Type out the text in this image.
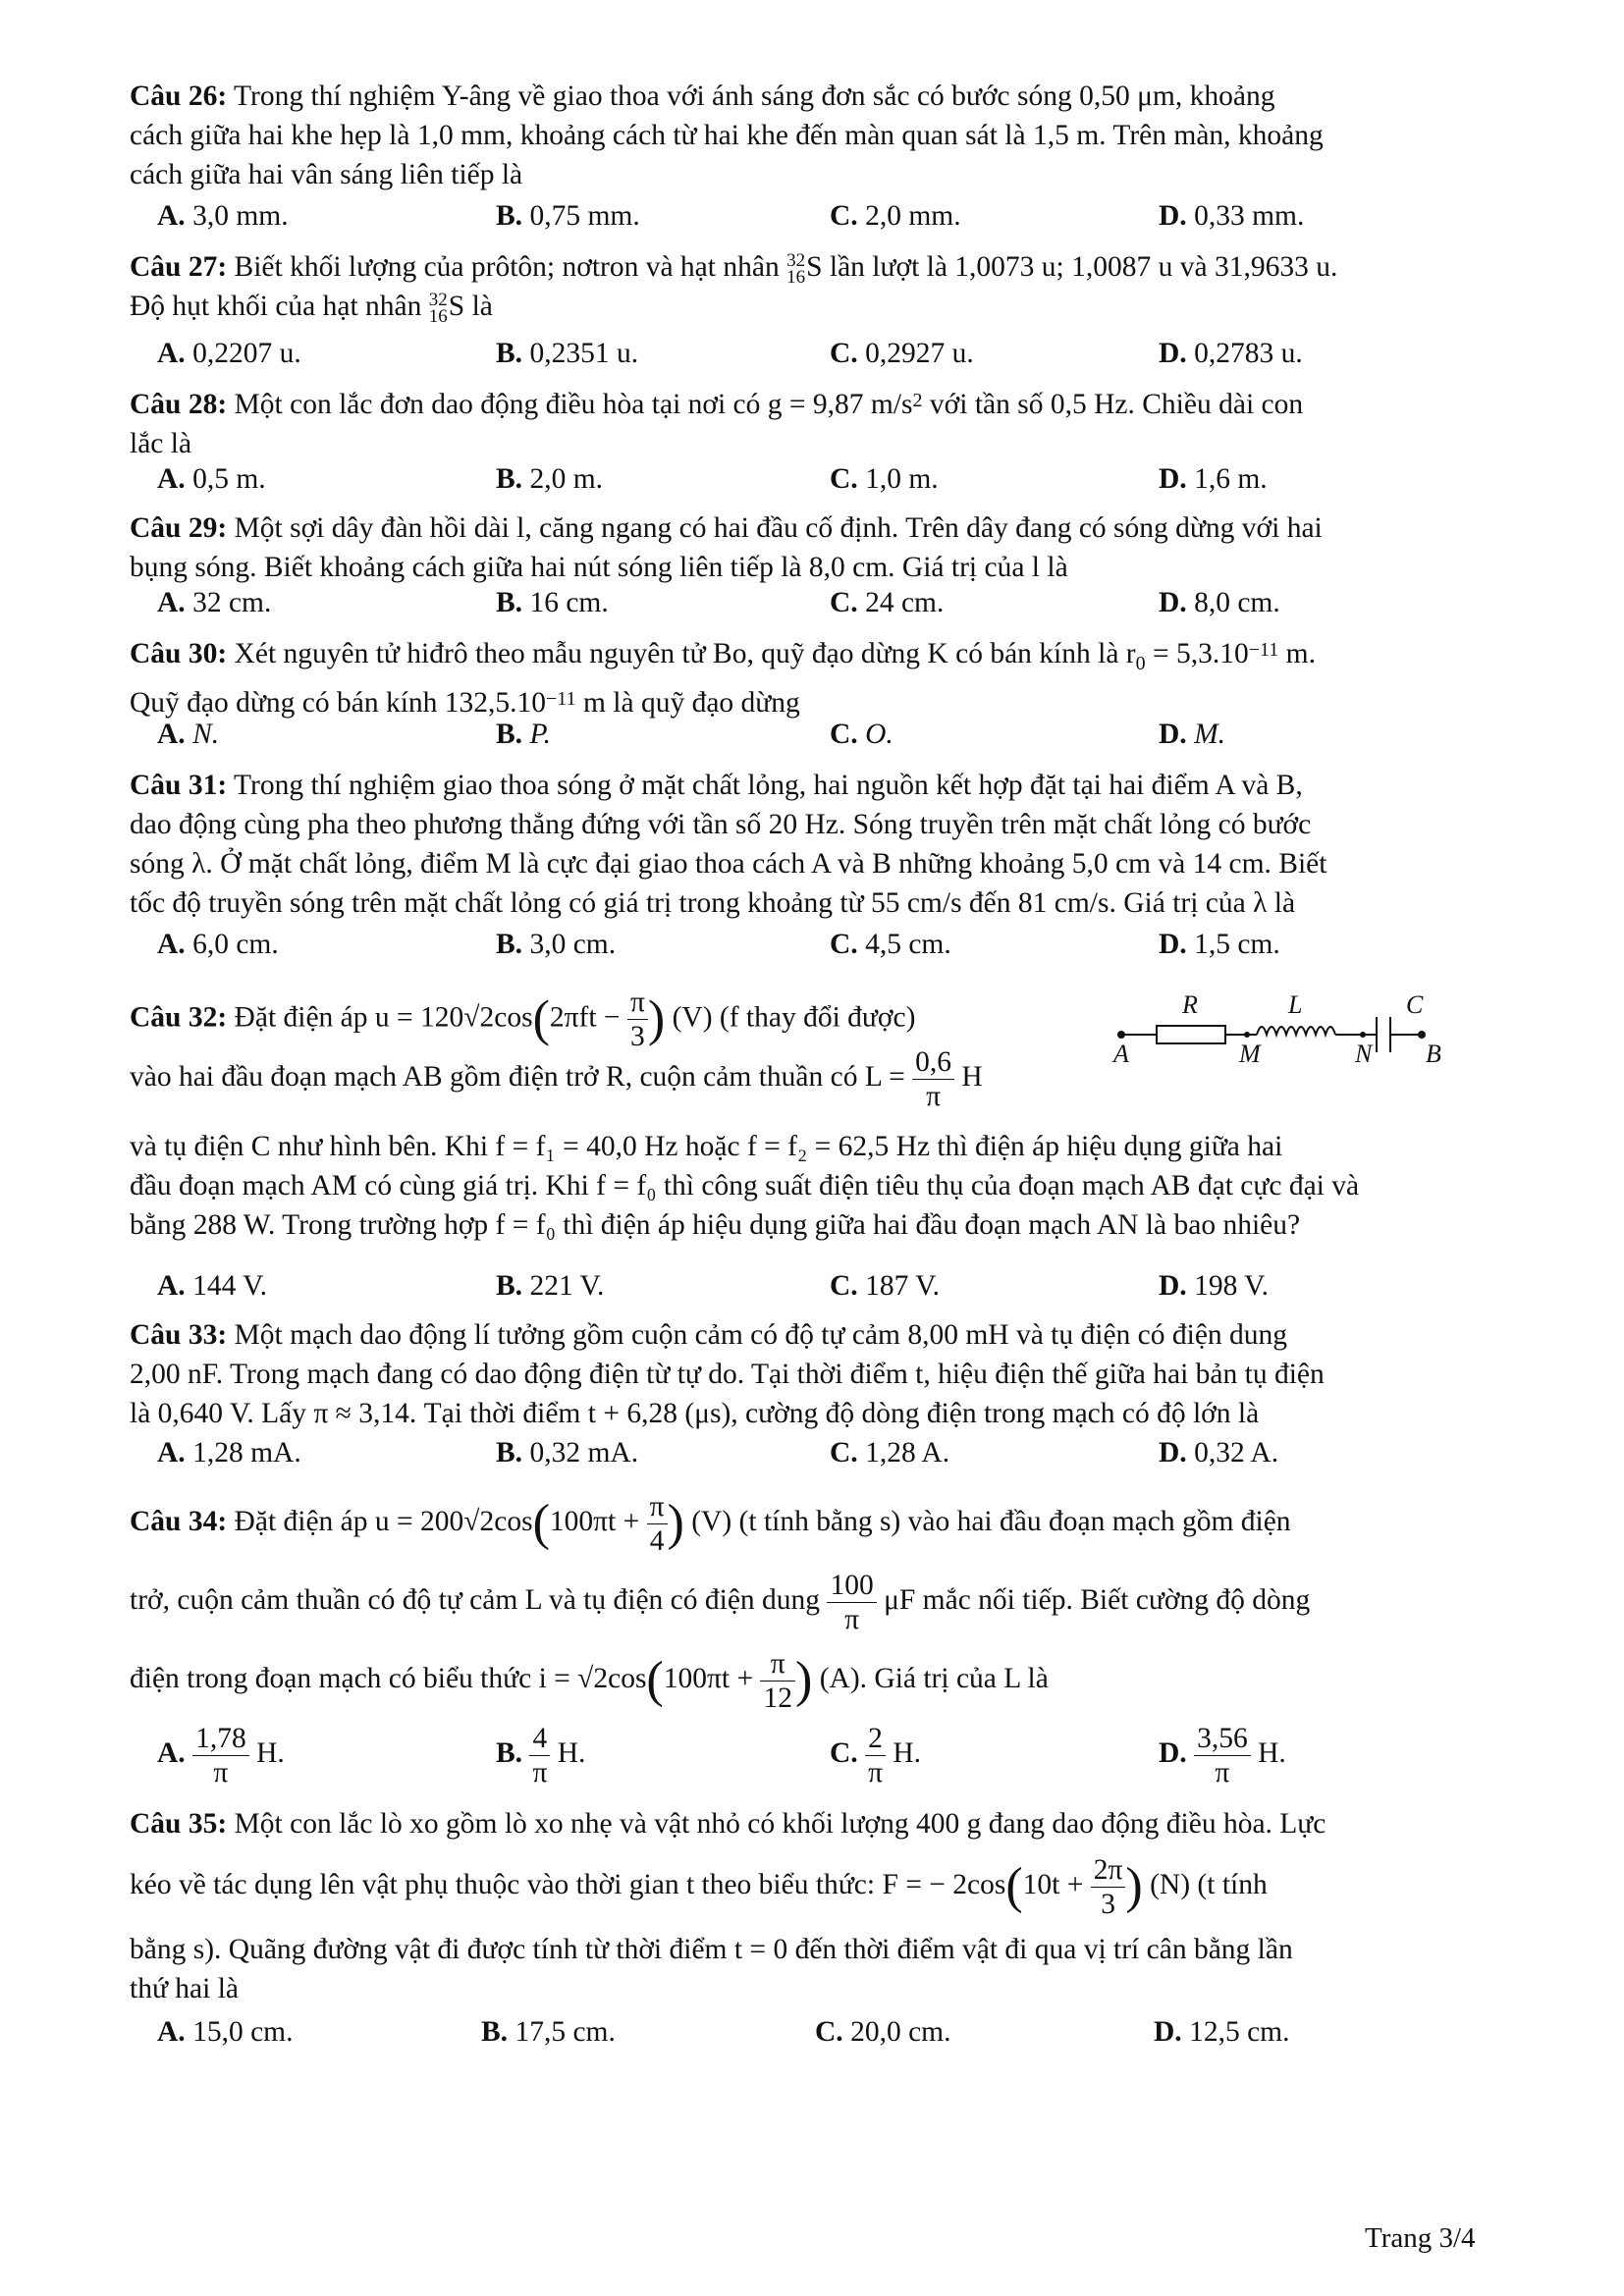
Câu 26: Trong thí nghiệm Y-âng về giao thoa với ánh sáng đơn sắc có bước sóng 0,50 μm, khoảng
cách giữa hai khe hẹp là 1,0 mm, khoảng cách từ hai khe đến màn quan sát là 1,5 m. Trên màn, khoảng
cách giữa hai vân sáng liên tiếp là
A. 3,0 mm.	B. 0,75 mm.	C. 2,0 mm.	D. 0,33 mm.
Câu 27: Biết khối lượng của prôtôn; nơtron và hạt nhân 32
16 S lần lượt là 1,0073 u; 1,0087 u và 31,9633 u.
Độ hụt khối của hạt nhân 32
16 S là
A. 0,2207 u.	B. 0,2351 u.	C. 0,2927 u.	D. 0,2783 u.
Câu 28: Một con lắc đơn dao động điều hòa tại nơi có g = 9,87 $m/s^2$ với tần số 0,5 Hz. Chiều dài con
lắc là
A. 0,5 m.	B. 2,0 m.	C. 1,0 m.	D. 1,6 m.
Câu 29: Một sợi dây đàn hồi dài l, căng ngang có hai đầu cố định. Trên dây đang có sóng dừng với hai
bụng sóng. Biết khoảng cách giữa hai nút sóng liên tiếp là 8,0 cm. Giá trị của l là
A. 32 cm.	B. 16 cm.	C. 24 cm.	D. 8,0 cm.
Câu 30: Xét nguyên tử hiđrô theo mẫu nguyên tử Bo, quỹ đạo dừng K có bán kính là $r_0 = 5,3.10^{-11}$ m.
Quỹ đạo dừng có bán kính $132,5.10^{-11}$ m là quỹ đạo dừng
A. N.	B. P.	C. O.	D. M.
Câu 31: Trong thí nghiệm giao thoa sóng ở mặt chất lỏng, hai nguồn kết hợp đặt tại hai điểm A và B,
dao động cùng pha theo phương thẳng đứng với tần số 20 Hz. Sóng truyền trên mặt chất lỏng có bước
sóng λ. Ở mặt chất lỏng, điểm M là cực đại giao thoa cách A và B những khoảng 5,0 cm và 14 cm. Biết
tốc độ truyền sóng trên mặt chất lỏng có giá trị trong khoảng từ 55 cm/s đến 81 cm/s. Giá trị của λ là
A. 6,0 cm.	B. 3,0 cm.	C. 4,5 cm.	D. 1,5 cm.
Câu 32: Đặt điện áp $u = 120√2\cos(2\pi ft - \frac{\pi}{3}$ ) (V) (f thay đổi được)
vào hai đầu đoạn mạch AB gồm điện trở R, cuộn cảm thuần có $L = \frac{0,6}{\pi}$ H
R	L	C
A	M	N B
và tụ điện C như hình bên. Khi f = f₁ = 40,0 Hz hoặc f = f₂ = 62,5 Hz thì điện áp hiệu dụng giữa hai
đầu đoạn mạch AM có cùng giá trị. Khi f = f₀ thì công suất điện tiêu thụ của đoạn mạch AB đạt cực đại và
bằng 288 W. Trong trường hợp f = f₀ thì điện áp hiệu dụng giữa hai đầu đoạn mạch AN là bao nhiêu?
A. 144 V.	B. 221 V.	C. 187 V.	D. 198 V.
Câu 33: Một mạch dao động lí tưởng gồm cuộn cảm có độ tự cảm 8,00 mH và tụ điện có điện dung
2,00 nF. Trong mạch đang có dao động điện từ tự do. Tại thời điểm t, hiệu điện thế giữa hai bản tụ điện
là 0,640 V. Lấy π ≈ 3,14. Tại thời điểm t + 6,28 (μs), cường độ dòng điện trong mạch có độ lớn là
A. 1,28 mA.	B. 0,32 mA.	C. 1,28 A.	D. 0,32 A.
Câu 34: Đặt điện áp $u = 200√2\cos(100\pi t + \frac{\pi}{4}$ ) (V) (t tính bằng s) vào hai đầu đoạn mạch gồm điện
trở, cuộn cảm thuần có độ tự cảm L và tụ điện có điện dung $\frac{100}{\pi}$ μF mắc nối tiếp. Biết cường độ dòng
điện trong đoạn mạch có biểu thức $i = √2\cos(100\pi t + \frac{\pi}{12}$ ) (A). Giá trị của L là
A. $\frac{1,78}{\pi} H$.	B. $\frac{4}{\pi} H$.	C. $\frac{2}{\pi} H$.	D. $\frac{3,56}{\pi} H$.
Câu 35: Một con lắc lò xo gồm lò xo nhẹ và vật nhỏ có khối lượng 400 g đang dao động điều hòa. Lực
kéo về tác dụng lên vật phụ thuộc vào thời gian t theo biểu thức: F = − $2\cos(10t + \frac{2\pi}{3}$ ) (N) (t tính
bằng s). Quãng đường vật đi được tính từ thời điểm t = 0 đến thời điểm vật đi qua vị trí cân bằng lần
thứ hai là
A. 15,0 cm.	B. 17,5 cm.	C. 20,0 cm.	D. 12,5 cm.
Trang 3/4
